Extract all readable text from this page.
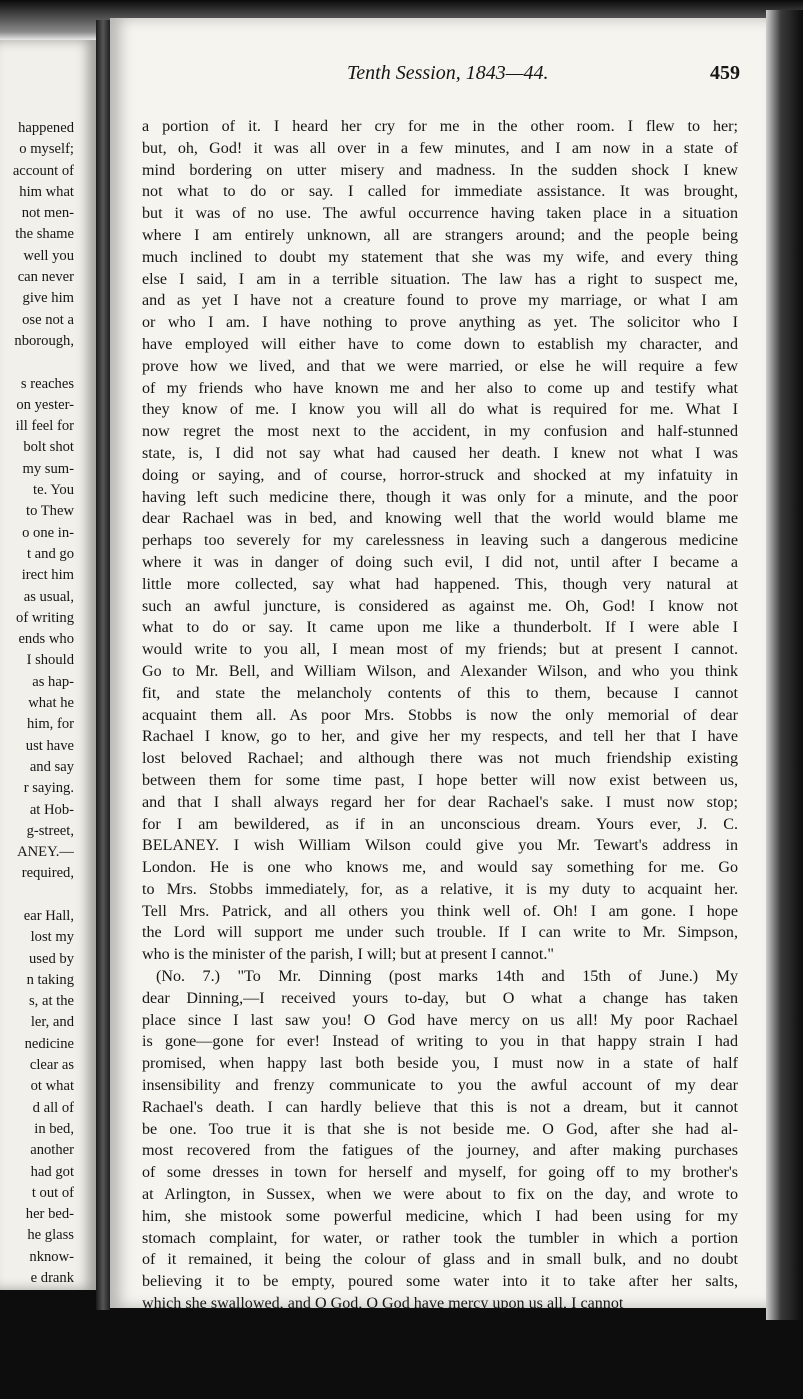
happened
o myself;
account of
him what
not men-
the shame
well you
can never
give him
ose not a
nborough,
s reaches
on yester-
ill feel for
bolt shot
my sum-
te. You
to Thew
o one in-
t and go
irect him
as usual,
of writing
ends who
I should
as hap-
what he
him, for
ust have
and say
r saying.
at Hob-
g-street,
ANEY.—
required,
ear Hall,
lost my
used by
n taking
s, at the
ler, and
nedicine
clear as
ot what
d all of
in bed,
another
had got
t out of
her bed-
he glass
nknow-
e drank
Tenth Session, 1843—44.	459
a portion of it. I heard her cry for me in the other room. I flew to her;
but, oh, God! it was all over in a few minutes, and I am now in a state of
mind bordering on utter misery and madness. In the sudden shock I knew
not what to do or say. I called for immediate assistance. It was brought,
but it was of no use. The awful occurrence having taken place in a situation
where I am entirely unknown, all are strangers around; and the people being
much inclined to doubt my statement that she was my wife, and every thing
else I said, I am in a terrible situation. The law has a right to suspect me,
and as yet I have not a creature found to prove my marriage, or what I am
or who I am. I have nothing to prove anything as yet. The solicitor who I
have employed will either have to come down to establish my character, and
prove how we lived, and that we were married, or else he will require a few
of my friends who have known me and her also to come up and testify what
they know of me. I know you will all do what is required for me. What I
now regret the most next to the accident, in my confusion and half-stunned
state, is, I did not say what had caused her death. I knew not what I was
doing or saying, and of course, horror-struck and shocked at my infatuity in
having left such medicine there, though it was only for a minute, and the poor
dear Rachael was in bed, and knowing well that the world would blame me
perhaps too severely for my carelessness in leaving such a dangerous medicine
where it was in danger of doing such evil, I did not, until after I became a
little more collected, say what had happened. This, though very natural at
such an awful juncture, is considered as against me. Oh, God! I know not
what to do or say. It came upon me like a thunderbolt. If I were able I
would write to you all, I mean most of my friends; but at present I cannot.
Go to Mr. Bell, and William Wilson, and Alexander Wilson, and who you think
fit, and state the melancholy contents of this to them, because I cannot
acquaint them all. As poor Mrs. Stobbs is now the only memorial of dear
Rachael I know, go to her, and give her my respects, and tell her that I have
lost beloved Rachael; and although there was not much friendship existing
between them for some time past, I hope better will now exist between us,
and that I shall always regard her for dear Rachael's sake. I must now stop;
for I am bewildered, as if in an unconscious dream. Yours ever, J. C.
BELANEY. I wish William Wilson could give you Mr. Tewart's address in
London. He is one who knows me, and would say something for me. Go
to Mrs. Stobbs immediately, for, as a relative, it is my duty to acquaint her.
Tell Mrs. Patrick, and all others you think well of. Oh! I am gone. I hope
the Lord will support me under such trouble. If I can write to Mr. Simpson,
who is the minister of the parish, I will; but at present I cannot."
(No. 7.) "To Mr. Dinning (post marks 14th and 15th of June.) My
dear Dinning,—I received yours to-day, but O what a change has taken
place since I last saw you! O God have mercy on us all! My poor Rachael
is gone—gone for ever! Instead of writing to you in that happy strain I had
promised, when happy last both beside you, I must now in a state of half
insensibility and frenzy communicate to you the awful account of my dear
Rachael's death. I can hardly believe that this is not a dream, but it cannot
be one. Too true it is that she is not beside me. O God, after she had al-
most recovered from the fatigues of the journey, and after making purchases
of some dresses in town for herself and myself, for going off to my brother's
at Arlington, in Sussex, when we were about to fix on the day, and wrote to
him, she mistook some powerful medicine, which I had been using for my
stomach complaint, for water, or rather took the tumbler in which a portion
of it remained, it being the colour of glass and in small bulk, and no doubt
believing it to be empty, poured some water into it to take after her salts,
which she swallowed, and O God, O God have mercy upon us all, I cannot
